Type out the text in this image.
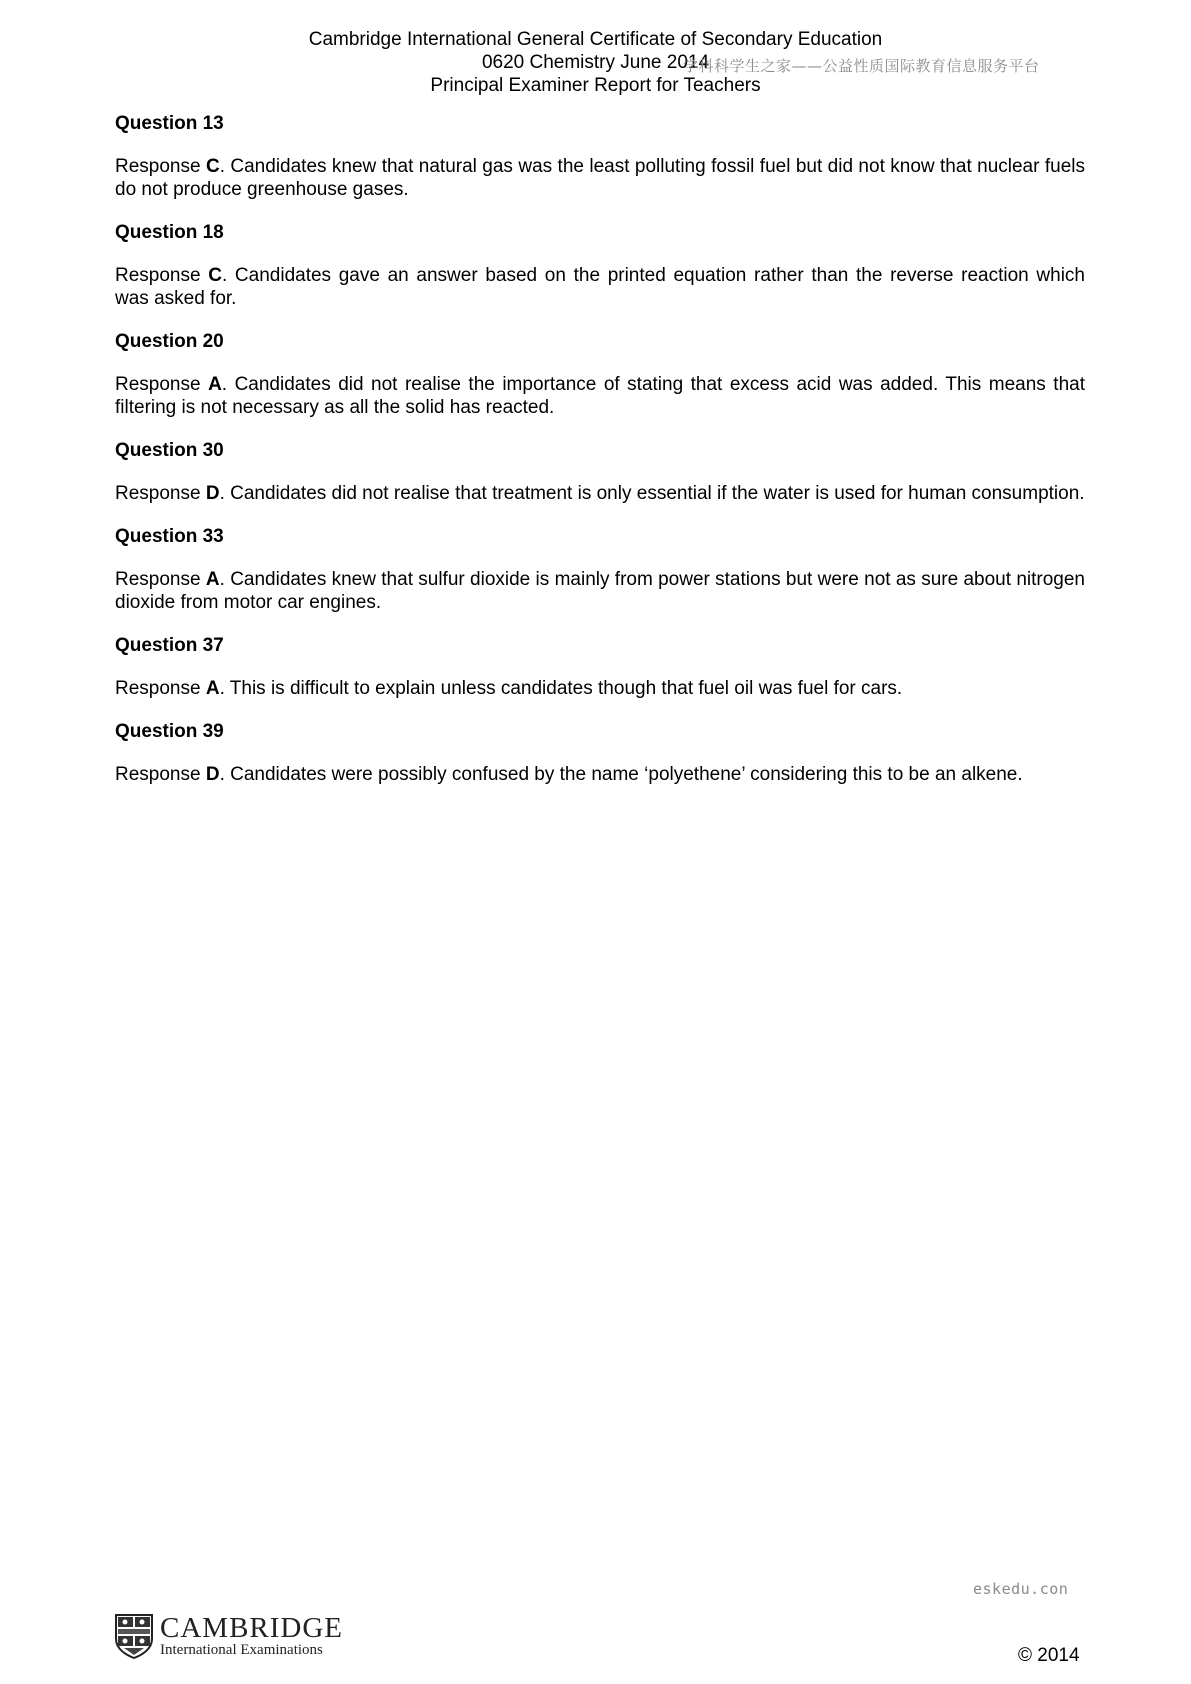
Cambridge International General Certificate of Secondary Education
0620 Chemistry June 2014
Principal Examiner Report for Teachers
学科科学生之家——公益性质国际教育信息服务平台
Question 13
Response C. Candidates knew that natural gas was the least polluting fossil fuel but did not know that nuclear fuels do not produce greenhouse gases.
Question 18
Response C. Candidates gave an answer based on the printed equation rather than the reverse reaction which was asked for.
Question 20
Response A. Candidates did not realise the importance of stating that excess acid was added. This means that filtering is not necessary as all the solid has reacted.
Question 30
Response D. Candidates did not realise that treatment is only essential if the water is used for human consumption.
Question 33
Response A. Candidates knew that sulfur dioxide is mainly from power stations but were not as sure about nitrogen dioxide from motor car engines.
Question 37
Response A. This is difficult to explain unless candidates though that fuel oil was fuel for cars.
Question 39
Response D. Candidates were possibly confused by the name ‘polyethene’ considering this to be an alkene.
eskedu.con
CAMBRIDGE
International Examinations	© 2014
